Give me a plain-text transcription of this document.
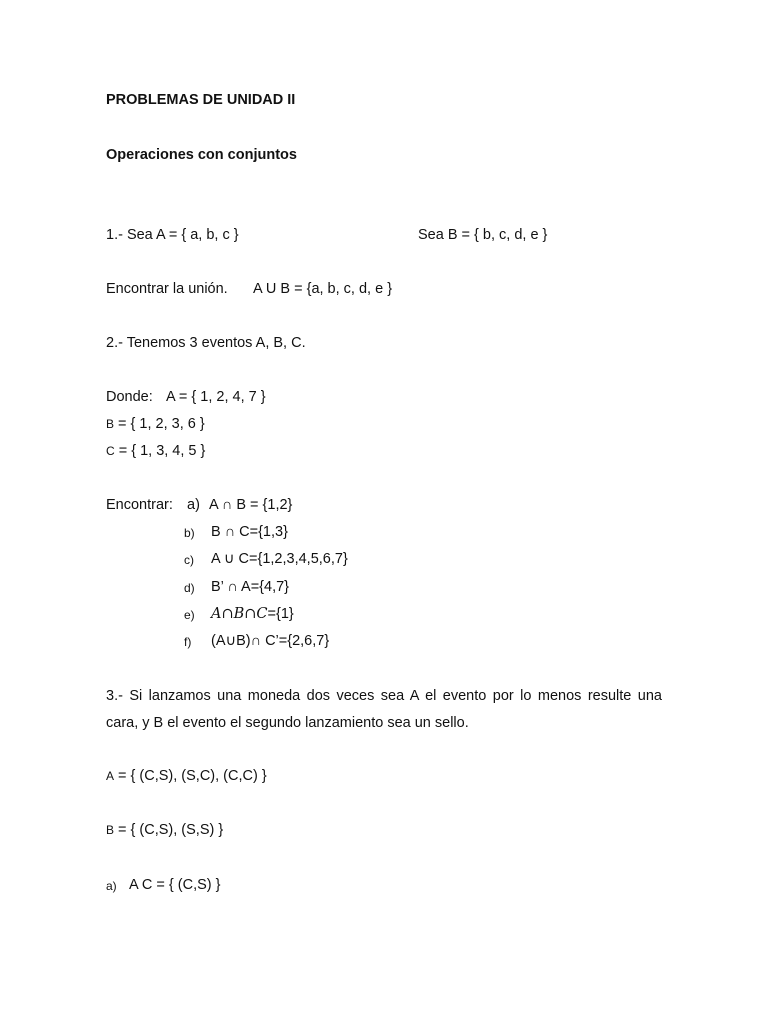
PROBLEMAS DE UNIDAD II
Operaciones con conjuntos
1.- Sea A = { a, b, c }	Sea B = { b, c, d, e }
Encontrar la unión. A U B = {a, b, c, d, e }
2.- Tenemos 3 eventos A, B, C.
Donde: A = { 1, 2, 4, 7 }
B = { 1, 2, 3, 6 }
C = { 1, 3, 4, 5 }
Encontrar: a) A ∩ B = {1,2}
b) B ∩ C={1,3}
c) A ∪ C={1,2,3,4,5,6,7}
d) B’ ∩ A={4,7}
e) A∩B∩C={1}
f) (A∪B)∩ C’={2,6,7}
3.- Si lanzamos una moneda dos veces sea A el evento por lo menos resulte una cara, y B el evento el segundo lanzamiento sea un sello.
A = { (C,S), (S,C), (C,C) }
B = { (C,S), (S,S) }
a) A C = { (C,S) }
